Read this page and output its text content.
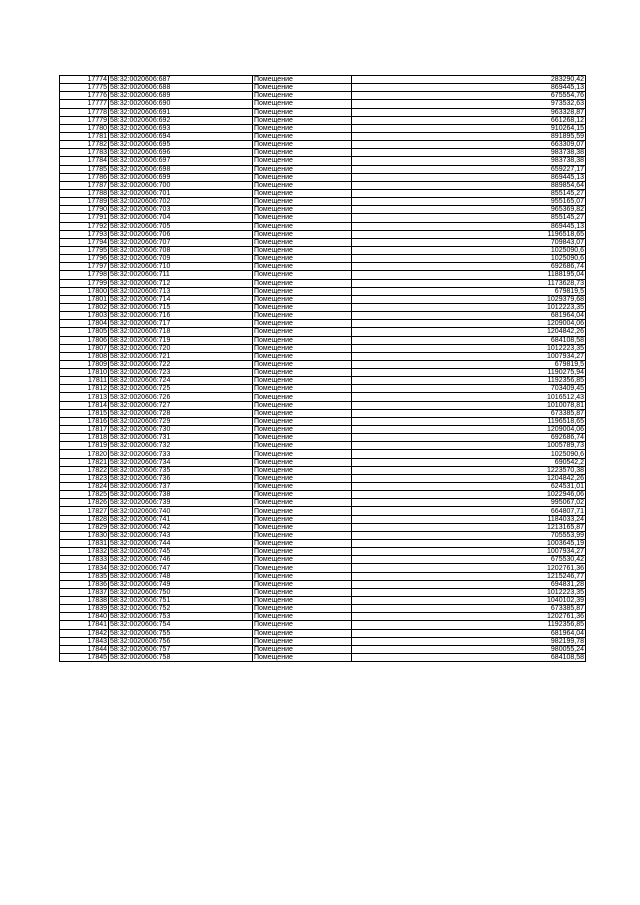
17774	58:32:0020606:687	Помещение	283290,42
17775	58:32:0020606:688	Помещение	869445,13
17776	58:32:0020606:689	Помещение	675554,76
17777	58:32:0020606:690	Помещение	973532,63
17778	58:32:0020606:691	Помещение	963328,87
17779	58:32:0020606:692	Помещение	661268,12
17780	58:32:0020606:693	Помещение	910264,15
17781	58:32:0020606:694	Помещение	891895,59
17782	58:32:0020606:695	Помещение	663309,07
17783	58:32:0020606:696	Помещение	983738,38
17784	58:32:0020606:697	Помещение	983738,38
17785	58:32:0020606:698	Помещение	659227,17
17786	58:32:0020606:699	Помещение	869445,13
17787	58:32:0020606:700	Помещение	889854,64
17788	58:32:0020606:701	Помещение	855145,27
17789	58:32:0020606:702	Помещение	955165,07
17790	58:32:0020606:703	Помещение	965369,82
17791	58:32:0020606:704	Помещение	855145,27
17792	58:32:0020606:705	Помещение	869445,13
17793	58:32:0020606:706	Помещение	1196518,65
17794	58:32:0020606:707	Помещение	709843,07
17795	58:32:0020606:708	Помещение	1025090,6
17796	58:32:0020606:709	Помещение	1025090,6
17797	58:32:0020606:710	Помещение	692686,74
17798	58:32:0020606:711	Помещение	1188195,04
17799	58:32:0020606:712	Помещение	1173628,73
17800	58:32:0020606:713	Помещение	679819,5
17801	58:32:0020606:714	Помещение	1029379,68
17802	58:32:0020606:715	Помещение	1012223,35
17803	58:32:0020606:716	Помещение	681964,04
17804	58:32:0020606:717	Помещение	1209004,06
17805	58:32:0020606:718	Помещение	1204842,26
17806	58:32:0020606:719	Помещение	684108,58
17807	58:32:0020606:720	Помещение	1012223,35
17808	58:32:0020606:721	Помещение	1007934,27
17809	58:32:0020606:722	Помещение	679819,5
17810	58:32:0020606:723	Помещение	1190275,94
17811	58:32:0020606:724	Помещение	1192356,85
17812	58:32:0020606:725	Помещение	703409,45
17813	58:32:0020606:726	Помещение	1016512,43
17814	58:32:0020606:727	Помещение	1010078,81
17815	58:32:0020606:728	Помещение	673385,87
17816	58:32:0020606:729	Помещение	1196518,65
17817	58:32:0020606:730	Помещение	1209004,06
17818	58:32:0020606:731	Помещение	692686,74
17819	58:32:0020606:732	Помещение	1005789,73
17820	58:32:0020606:733	Помещение	1025090,6
17821	58:32:0020606:734	Помещение	690542,2
17822	58:32:0020606:735	Помещение	1223570,38
17823	58:32:0020606:736	Помещение	1204842,26
17824	58:32:0020606:737	Помещение	624531,01
17825	58:32:0020606:738	Помещение	1022946,06
17826	58:32:0020606:739	Помещение	995067,02
17827	58:32:0020606:740	Помещение	664807,71
17828	58:32:0020606:741	Помещение	1184033,24
17829	58:32:0020606:742	Помещение	1213165,87
17830	58:32:0020606:743	Помещение	705553,99
17831	58:32:0020606:744	Помещение	1003645,19
17832	58:32:0020606:745	Помещение	1007934,27
17833	58:32:0020606:746	Помещение	675530,42
17834	58:32:0020606:747	Помещение	1202761,36
17835	58:32:0020606:748	Помещение	1215246,77
17836	58:32:0020606:749	Помещение	694831,28
17837	58:32:0020606:750	Помещение	1012223,35
17838	58:32:0020606:751	Помещение	1040102,39
17839	58:32:0020606:752	Помещение	673385,87
17840	58:32:0020606:753	Помещение	1202761,36
17841	58:32:0020606:754	Помещение	1192356,85
17842	58:32:0020606:755	Помещение	681964,04
17843	58:32:0020606:756	Помещение	982199,78
17844	58:32:0020606:757	Помещение	980055,24
17845	58:32:0020606:758	Помещение	684108,58
